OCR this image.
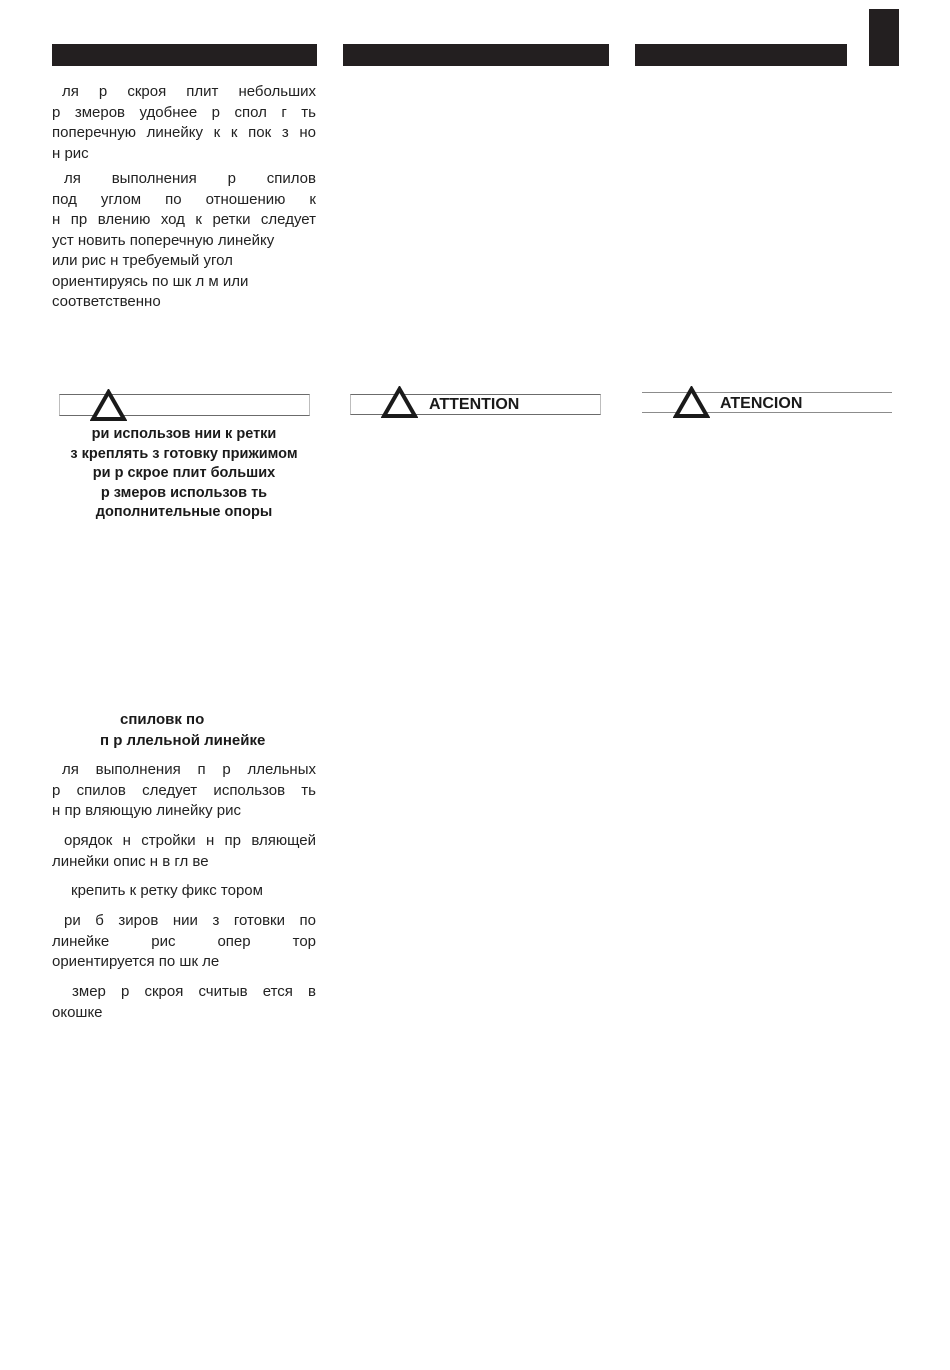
ля р скроя плит небольших
р змеров удобнее р спол г ть
поперечную линейку к к пок з но
н рис
ля выполнения р спилов
под углом по отношению к
н пр влению ход к ретки следует
уст новить поперечную линейку
или рис н требуемый угол
ориентируясь по шк л м или
соответственно
ATTENTION	ATENCION
ри использов нии к ретки
з креплять з готовку прижимом
ри р скрое плит больших
р змеров использов ть
дополнительные опоры
спиловк по
п р ллельной линейке
ля выполнения п р ллельных
р спилов следует использов ть
н пр вляющую линейку рис
орядок н стройки н пр вляющей
линейки опис н в гл ве
крепить к ретку фикс тором
ри б зиров нии з готовки по
линейке рис опер тор
ориентируется по шк ле
змер р скроя считыв ется в
окошке
